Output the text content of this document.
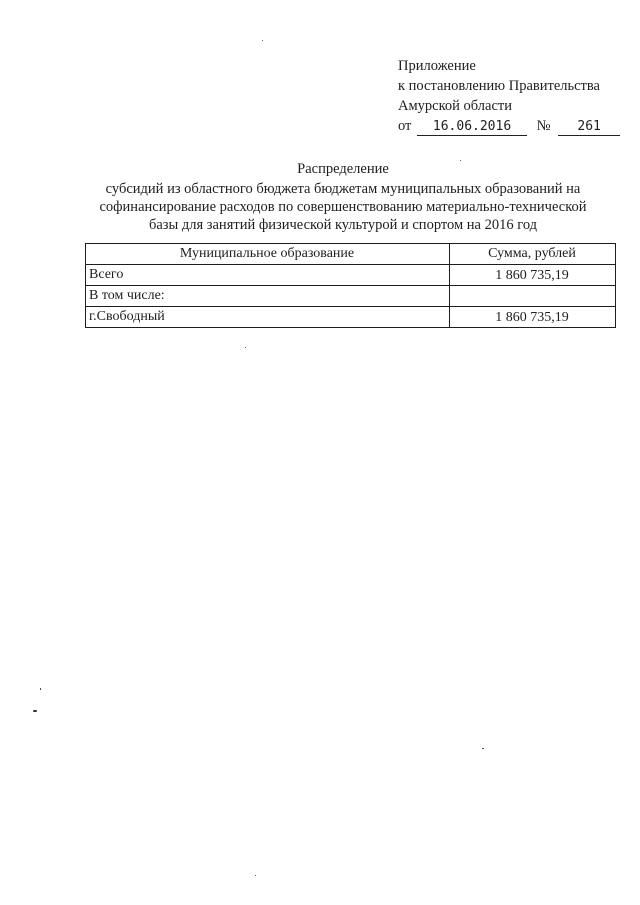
Приложение
к постановлению Правительства
Амурской области
от 16.06.2016 № 261
Распределение
субсидий из областного бюджета бюджетам муниципальных образований на
софинансирование расходов по совершенствованию материально-технической
базы для занятий физической культурой и спортом на 2016 год
Муниципальное образование	Сумма, рублей
Всего	1 860 735,19
В том числе:	
г.Свободный	1 860 735,19
